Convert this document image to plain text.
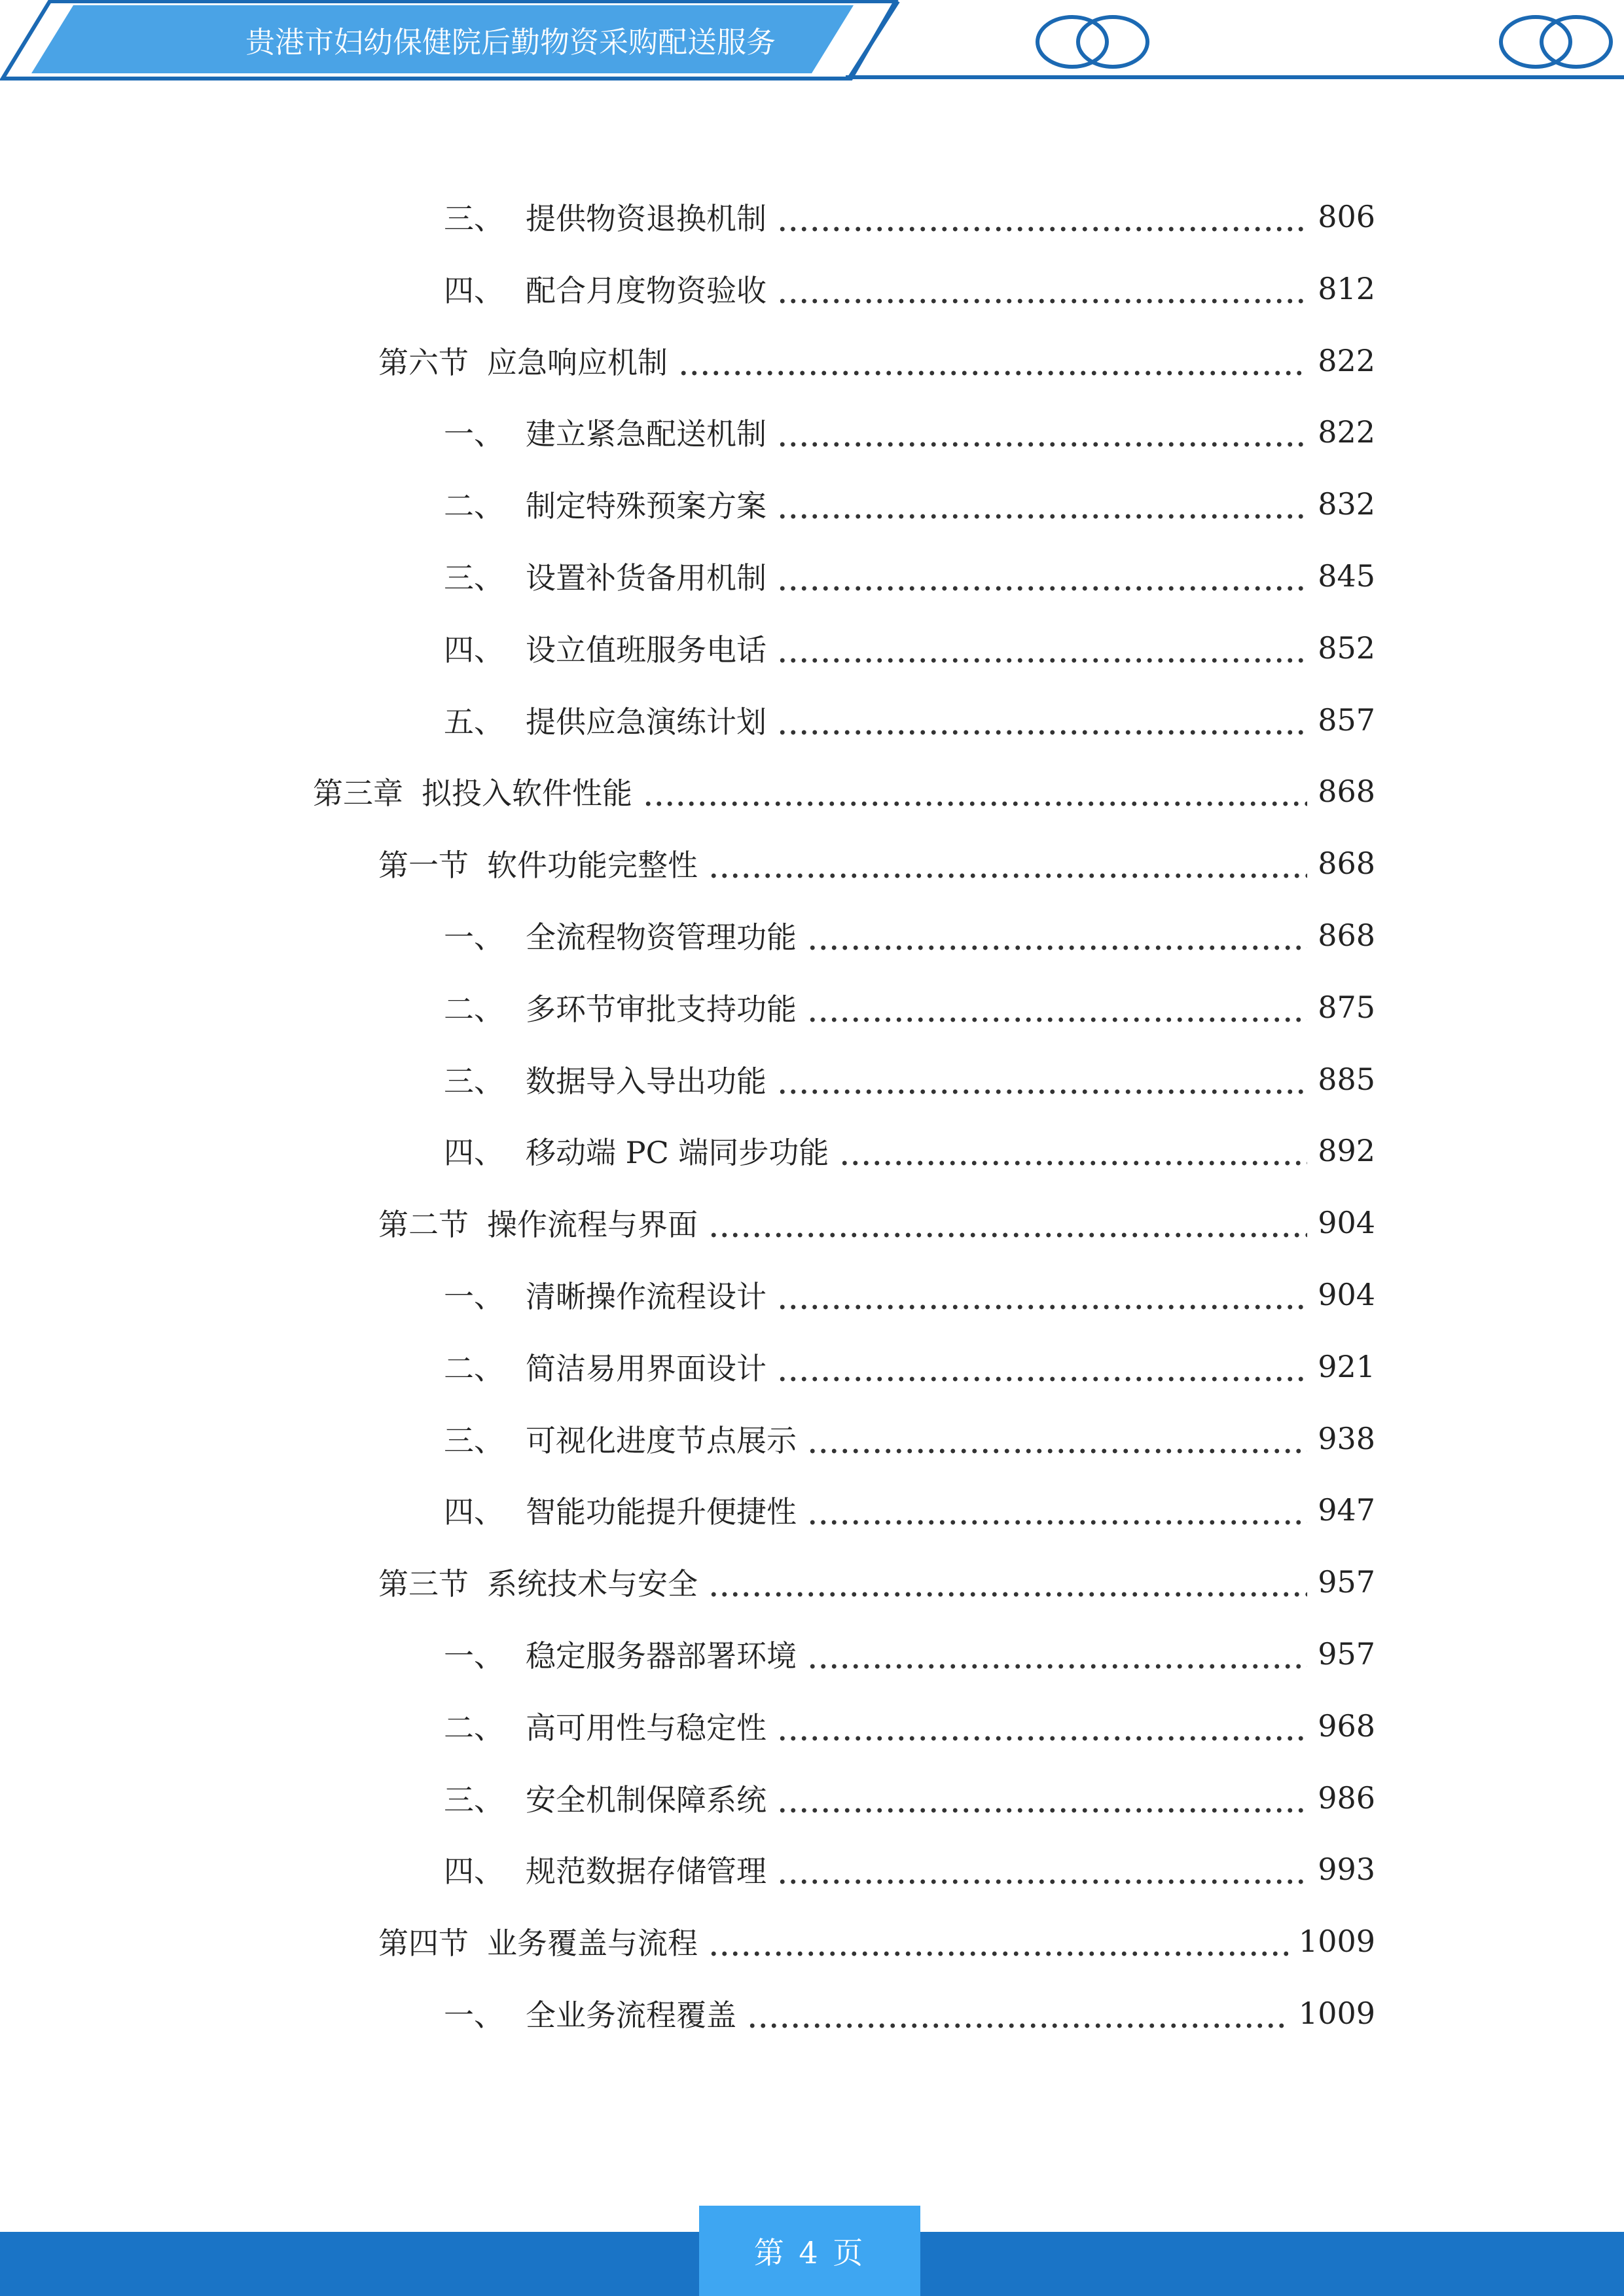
贵港市妇幼保健院后勤物资采购配送服务
三、 提供物资退换机制	806
四、 配合月度物资验收	812
第六节 应急响应机制	822
一、 建立紧急配送机制	822
二、 制定特殊预案方案	832
三、 设置补货备用机制	845
四、 设立值班服务电话	852
五、 提供应急演练计划	857
第三章 拟投入软件性能	868
第一节 软件功能完整性	868
一、 全流程物资管理功能	868
二、 多环节审批支持功能	875
三、 数据导入导出功能	885
四、 移动端 PC 端同步功能	892
第二节 操作流程与界面	904
一、 清晰操作流程设计	904
二、 简洁易用界面设计	921
三、 可视化进度节点展示	938
四、 智能功能提升便捷性	947
第三节 系统技术与安全	957
一、 稳定服务器部署环境	957
二、 高可用性与稳定性	968
三、 安全机制保障系统	986
四、 规范数据存储管理	993
第四节 业务覆盖与流程	1009
一、 全业务流程覆盖	1009
第 4 页
